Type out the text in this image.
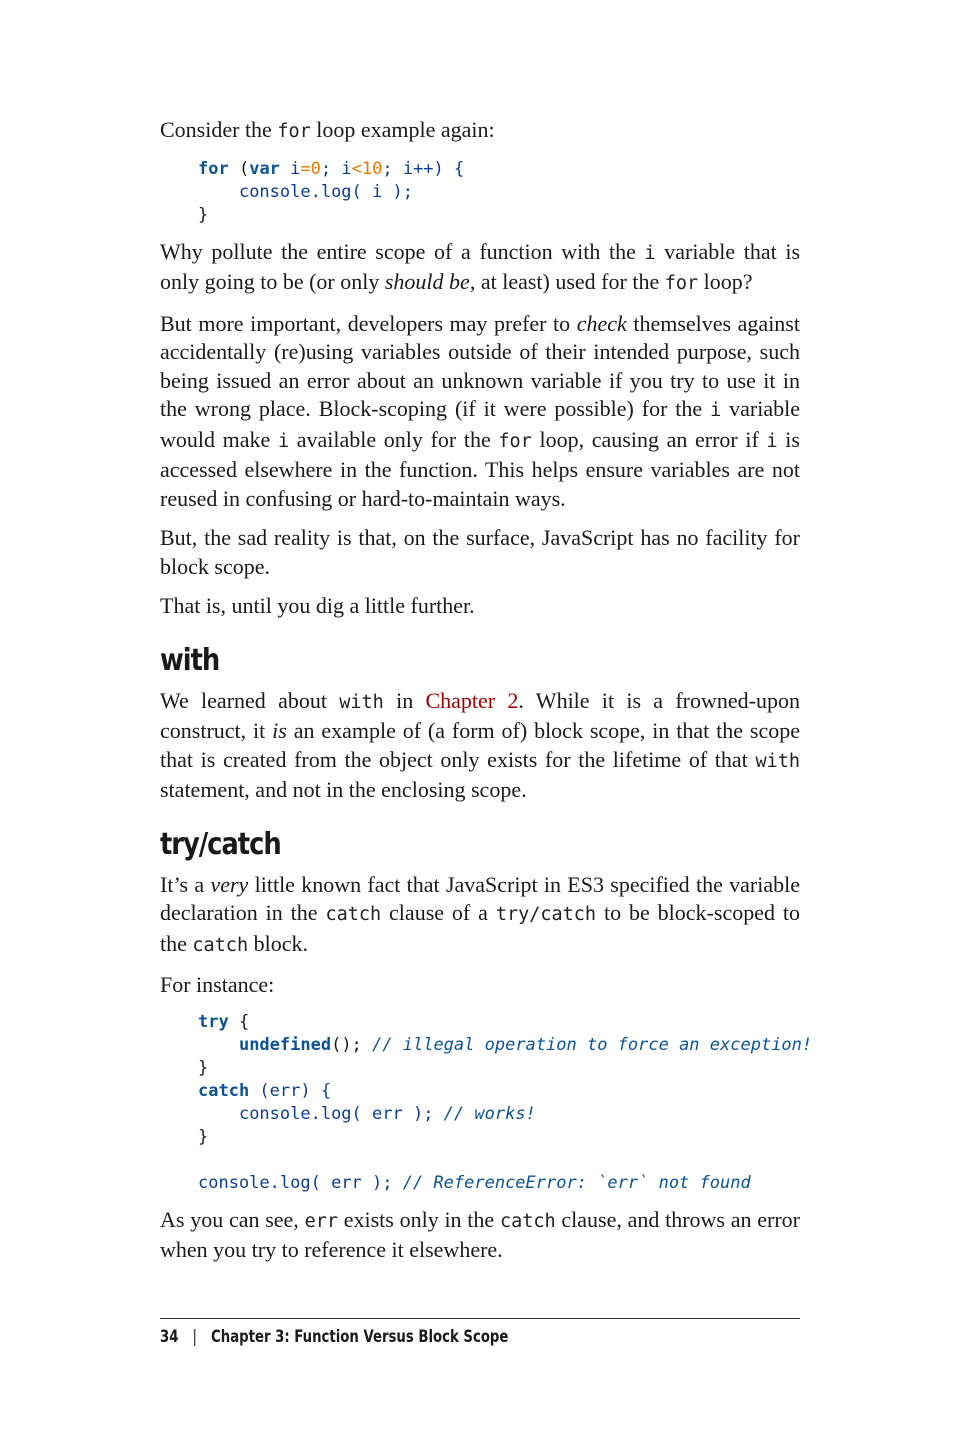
Consider the for loop example again:

for (var i=0; i<10; i++) {
console.log( i );
}

Why pollute the entire scope of a function with the i variable that is only going to be (or only should be, at least) used for the for loop?

But more important, developers may prefer to check themselves against accidentally (re)using variables outside of their intended purpose, such being issued an error about an unknown variable if you try to use it in the wrong place. Block-scoping (if it were possible) for the i variable would make i available only for the for loop, causing an error if i is accessed elsewhere in the function. This helps ensure variables are not reused in confusing or hard-to-maintain ways.

But, the sad reality is that, on the surface, JavaScript has no facility for block scope.

That is, until you dig a little further.

with

We learned about with in Chapter 2. While it is a frowned-upon construct, it is an example of (a form of) block scope, in that the scope that is created from the object only exists for the lifetime of that with statement, and not in the enclosing scope.

try/catch

It’s a very little known fact that JavaScript in ES3 specified the variable declaration in the catch clause of a try/catch to be block-scoped to the catch block.

For instance:

try {
undefined(); // illegal operation to force an exception!
}
catch (err) {
console.log( err ); // works!
}

console.log( err ); // ReferenceError: `err` not found

As you can see, err exists only in the catch clause, and throws an error when you try to reference it elsewhere.

34 | Chapter 3: Function Versus Block Scope
